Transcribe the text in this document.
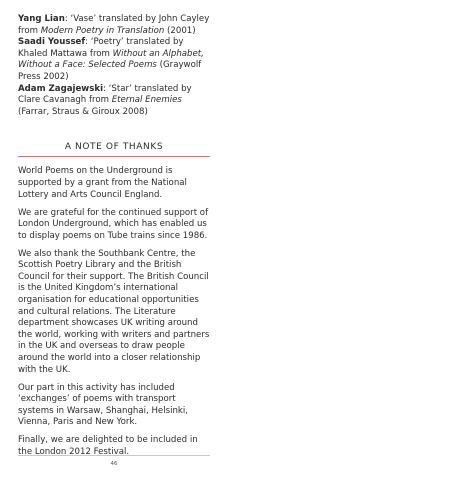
Yang Lian: ‘Vase’ translated by John Cayley from Modern Poetry in Translation (2001)

Saadi Youssef: ‘Poetry’ translated by Khaled Mattawa from Without an Alphabet, Without a Face: Selected Poems (Graywolf Press 2002)

Adam Zagajewski: ‘Star’ translated by Clare Cavanagh from Eternal Enemies (Farrar, Straus & Giroux 2008)

A NOTE OF THANKS

World Poems on the Underground is supported by a grant from the National Lottery and Arts Council England.

We are grateful for the continued support of London Underground, which has enabled us to display poems on Tube trains since 1986.

We also thank the Southbank Centre, the Scottish Poetry Library and the British Council for their support. The British Council is the United Kingdom’s international organisation for educational opportunities and cultural relations. The Literature department showcases UK writing around the world, working with writers and partners in the UK and overseas to draw people around the world into a closer relationship with the UK.

Our part in this activity has included ‘exchanges’ of poems with transport systems in Warsaw, Shanghai, Helsinki, Vienna, Paris and New York.

Finally, we are delighted to be included in the London 2012 Festival.

46
